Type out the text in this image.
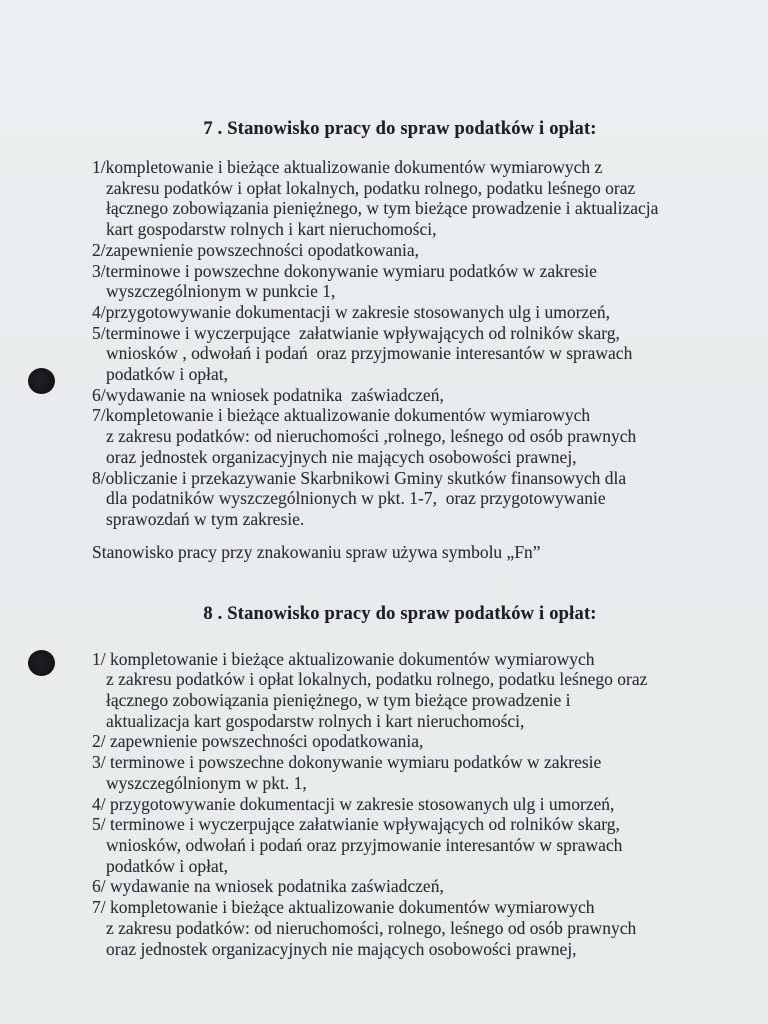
7 . Stanowisko pracy do spraw podatków i opłat:
1/kompletowanie i bieżące aktualizowanie dokumentów wymiarowych z
zakresu podatków i opłat lokalnych, podatku rolnego, podatku leśnego oraz
łącznego zobowiązania pieniężnego, w tym bieżące prowadzenie i aktualizacja
kart gospodarstw rolnych i kart nieruchomości,
2/zapewnienie powszechności opodatkowania,
3/terminowe i powszechne dokonywanie wymiaru podatków w zakresie
wyszczególnionym w punkcie 1,
4/przygotowywanie dokumentacji w zakresie stosowanych ulg i umorzeń,
5/terminowe i wyczerpujące  załatwianie wpływających od rolników skarg,
wniosków , odwołań i podań  oraz przyjmowanie interesantów w sprawach
podatków i opłat,
6/wydawanie na wniosek podatnika  zaświadczeń,
7/kompletowanie i bieżące aktualizowanie dokumentów wymiarowych
z zakresu podatków: od nieruchomości ,rolnego, leśnego od osób prawnych
oraz jednostek organizacyjnych nie mających osobowości prawnej,
8/obliczanie i przekazywanie Skarbnikowi Gminy skutków finansowych dla
dla podatników wyszczególnionych w pkt. 1-7,  oraz przygotowywanie
sprawozdań w tym zakresie.

Stanowisko pracy przy znakowaniu spraw używa symbolu „Fn”

8 . Stanowisko pracy do spraw podatków i opłat:
1/ kompletowanie i bieżące aktualizowanie dokumentów wymiarowych
z zakresu podatków i opłat lokalnych, podatku rolnego, podatku leśnego oraz
łącznego zobowiązania pieniężnego, w tym bieżące prowadzenie i
aktualizacja kart gospodarstw rolnych i kart nieruchomości,
2/ zapewnienie powszechności opodatkowania,
3/ terminowe i powszechne dokonywanie wymiaru podatków w zakresie
wyszczególnionym w pkt. 1,
4/ przygotowywanie dokumentacji w zakresie stosowanych ulg i umorzeń,
5/ terminowe i wyczerpujące załatwianie wpływających od rolników skarg,
wniosków, odwołań i podań oraz przyjmowanie interesantów w sprawach
podatków i opłat,
6/ wydawanie na wniosek podatnika zaświadczeń,
7/ kompletowanie i bieżące aktualizowanie dokumentów wymiarowych
z zakresu podatków: od nieruchomości, rolnego, leśnego od osób prawnych
oraz jednostek organizacyjnych nie mających osobowości prawnej,
